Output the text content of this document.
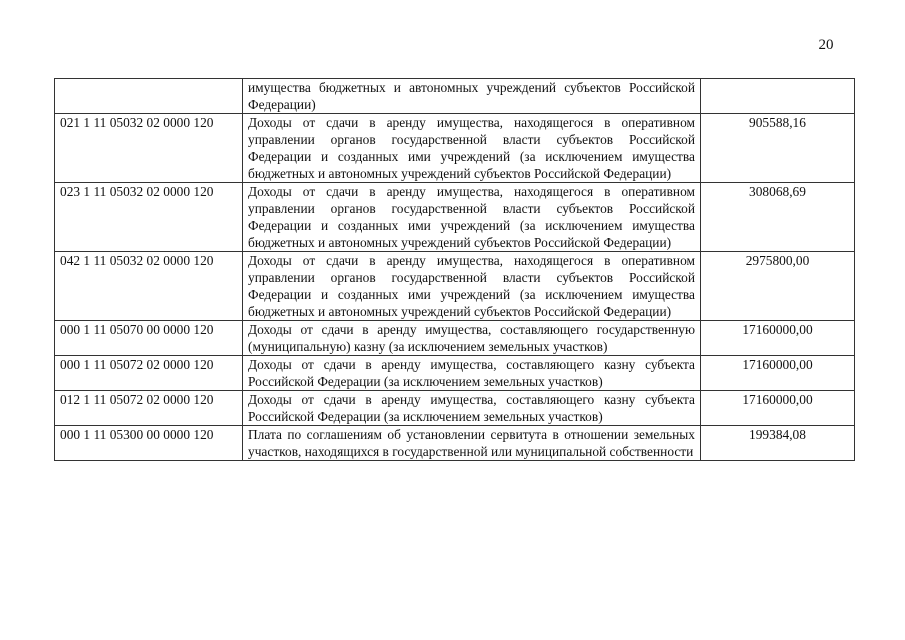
20
	имущества бюджетных и автономных учреждений субъектов Российской Федерации)	
021 1 11 05032 02 0000 120	Доходы от сдачи в аренду имущества, находящегося в оперативном управлении органов государственной власти субъектов Российской Федерации и созданных ими учреждений (за исключением имущества бюджетных и автономных учреждений субъектов Российской Федерации)	905588,16
023 1 11 05032 02 0000 120	Доходы от сдачи в аренду имущества, находящегося в оперативном управлении органов государственной власти субъектов Российской Федерации и созданных ими учреждений (за исключением имущества бюджетных и автономных учреждений субъектов Российской Федерации)	308068,69
042 1 11 05032 02 0000 120	Доходы от сдачи в аренду имущества, находящегося в оперативном управлении органов государственной власти субъектов Российской Федерации и созданных ими учреждений (за исключением имущества бюджетных и автономных учреждений субъектов Российской Федерации)	2975800,00
000 1 11 05070 00 0000 120	Доходы от сдачи в аренду имущества, составляющего государственную (муниципальную) казну (за исключением земельных участков)	17160000,00
000 1 11 05072 02 0000 120	Доходы от сдачи в аренду имущества, составляющего казну субъекта Российской Федерации (за исключением земельных участков)	17160000,00
012 1 11 05072 02 0000 120	Доходы от сдачи в аренду имущества, составляющего казну субъекта Российской Федерации (за исключением земельных участков)	17160000,00
000 1 11 05300 00 0000 120	Плата по соглашениям об установлении сервитута в отношении земельных участков, находящихся в государственной или муниципальной собственности	199384,08
